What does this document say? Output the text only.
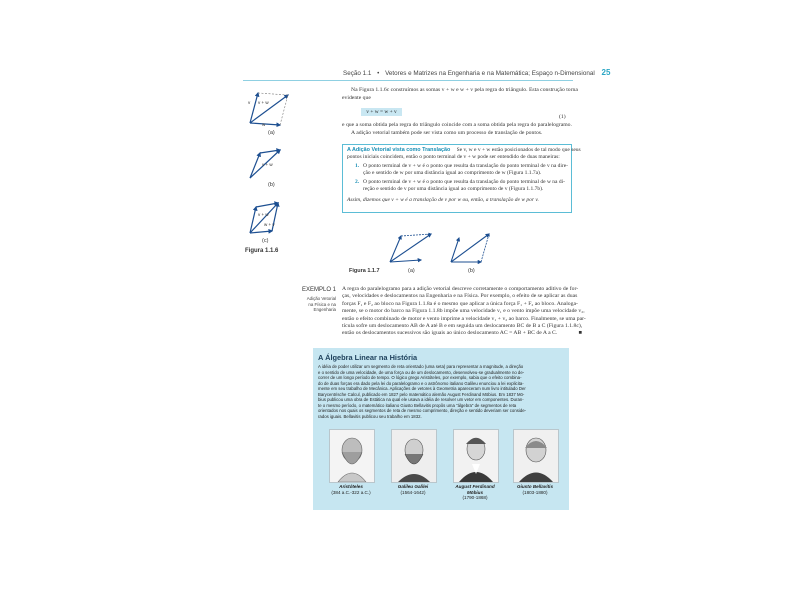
Seção 1.1 • Vetores e Matrizes na Engenharia e na Matemática; Espaço n-Dimensional 25
v + w
v
w
(a)
v + w
(b)
v + w
w + v
(c)
Figura 1.1.6
Na Figura 1.1.6c construímos as somas v + w e w + v pela regra do triângulo. Esta construção torna
evidente que
v + w = w + v
(1)
e que a soma obtida pela regra do triângulo coincide com a soma obtida pela regra do paralelogramo.
A adição vetorial também pode ser vista como um processo de translação de pontos.
A Adição Vetorial vista como Translação Se v, w e v + w estão posicionados de tal modo que seus
pontos iniciais coincidem, então o ponto terminal de v + w pode ser entendido de duas maneiras:
1. O ponto terminal de v + w é o ponto que resulta da translação do ponto terminal de v na dire-
ção e sentido de w por uma distância igual ao comprimento de w (Figura 1.1.7a).
2. O ponto terminal de v + w é o ponto que resulta da translação do ponto terminal de w na di-
reção e sentido de v por uma distância igual ao comprimento de v (Figura 1.1.7b).
Assim, dizemos que v + w é a translação de v por w ou, então, a translação de w por v.
Figura 1.1.7	(a)	(b)
EXEMPLO 1
Adição Vetorial
na Física e na
Engenharia
A regra do paralelogramo para a adição vetorial descreve corretamente o comportamento aditivo de for-
ças, velocidades e deslocamentos na Engenharia e na Física. Por exemplo, o efeito de se aplicar as duas
forças F₁ e F₂ ao bloco na Figura 1.1.8a é o mesmo que aplicar a única força F₁ + F₂ ao bloco. Analoga-
mente, se o motor do barco na Figura 1.1.8b impõe uma velocidade v₁ e o vento impõe uma velocidade v₂,
então o efeito combinado de motor e vento imprime a velocidade v₁ + v₂ ao barco. Finalmente, se uma par-
tícula sofre um deslocamento AB de A até B e em seguida um deslocamento BC de B a C (Figura 1.1.8c),
então os deslocamentos sucessivos são iguais ao único deslocamento AC = AB + BC de A a C.	■
A Álgebra Linear na História
A idéia de poder utilizar um segmento de reta orientado (uma seta) para representar a magnitude, a direção
e o sentido de uma velocidade, de uma força ou de um deslocamento, desenvolveu-se gradualmente no de-
correr de um longo período de tempo. O lógico grego Aristóteles, por exemplo, sabia que o efeito combina-
do de duas forças era dado pela lei do paralelogramo e o astrônomo italiano Galileu enunciou a lei explicita-
mente em seu trabalho de Mecânica. Aplicações de vetores à Geometria apareceram num livro intitulado Der
Barycentrische Calcul, publicado em 1827 pelo matemático alemão August Ferdinand Möbius. Em 1837 Mö-
bius publicou uma obra de Estática na qual ele usava a idéia de resolver um vetor em componentes. Duran-
te o mesmo período, o matemático italiano Giusto Bellavitis propôs uma "álgebra" de segmentos de reta
orientados nos quais os segmentos de reta de mesmo comprimento, direção e sentido deveriam ser conside-
rados iguais. Bellavitis publicou seu trabalho em 1832.
Aristóteles
(384 a.C.-322 a.C.)
Galileu Galilei
(1564-1642)
August Ferdinand Möbius
(1790-1868)
Giusto Bellavitis
(1803-1880)
